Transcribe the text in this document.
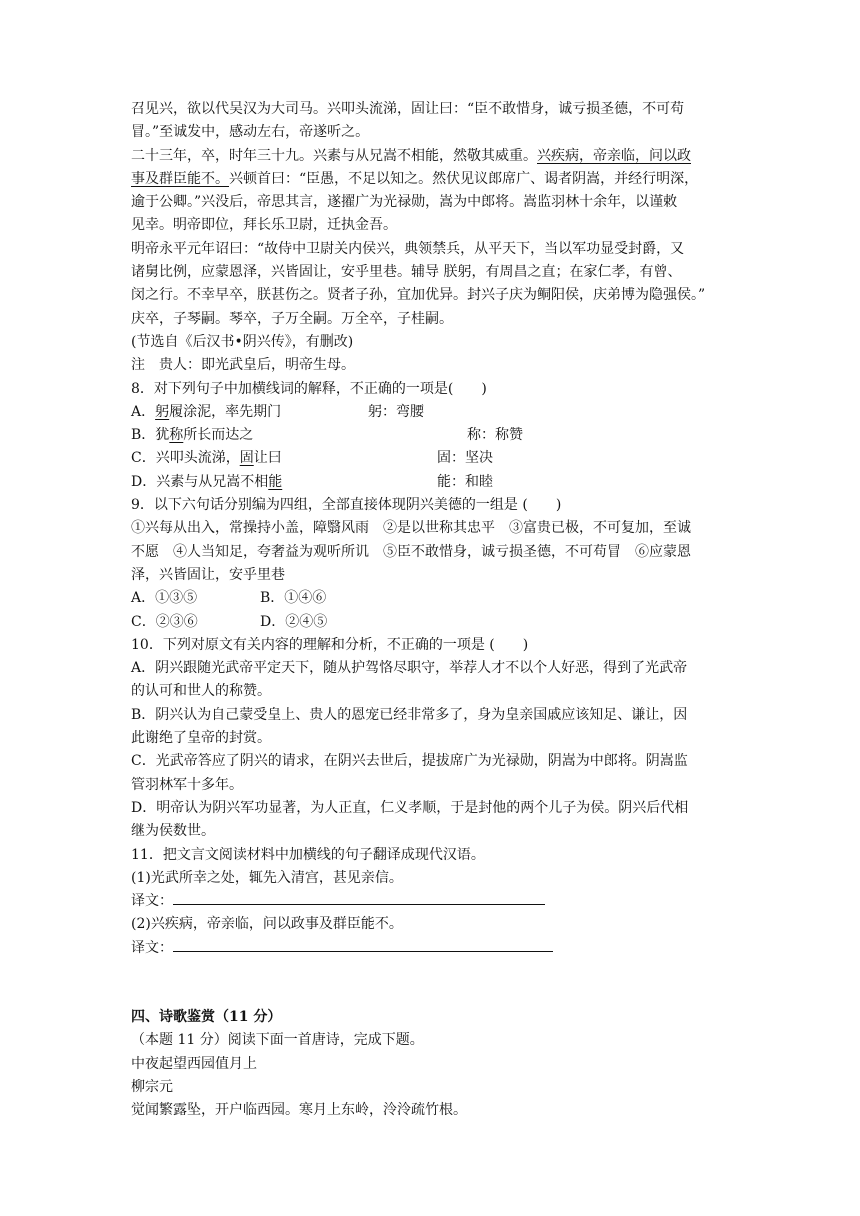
召见兴，欲以代吴汉为大司马。兴叩头流涕，固让曰：“臣不敢惜身，诚亏损圣德，不可苟
冒。”至诚发中，感动左右，帝遂听之。
二十三年，卒，时年三十九。兴素与从兄嵩不相能，然敬其威重。兴疾病，帝亲临，问以政
事及群臣能不。兴顿首曰：“臣愚，不足以知之。然伏见议郎席广、谒者阴嵩，并经行明深，
逾于公卿。”兴没后，帝思其言，遂擢广为光禄勋，嵩为中郎将。嵩监羽林十余年，以谨敕
见幸。明帝即位，拜长乐卫尉，迁执金吾。
明帝永平元年诏曰：“故侍中卫尉关内侯兴，典领禁兵，从平天下，当以军功显受封爵，又
诸舅比例，应蒙恩泽，兴皆固让，安乎里巷。辅导 朕躬，有周昌之直；在家仁孝，有曾、
闵之行。不幸早卒，朕甚伤之。贤者子孙，宜加优异。封兴子庆为鲖阳侯，庆弟博为隐强侯。”
庆卒，子琴嗣。琴卒，子万全嗣。万全卒，子桂嗣。
(节选自《后汉书•阴兴传》，有删改)
注　贵人：即光武皇后，明帝生母。
8．对下列句子中加横线词的解释，不正确的一项是(　　)
A．躬履涂泥，率先期门	躬：弯腰
B．犹称所长而达之	称：称赞
C．兴叩头流涕，固让曰	固：坚决
D．兴素与从兄嵩不相能	能：和睦
9．以下六句话分别编为四组，全部直接体现阴兴美德的一组是 (　　)
①兴每从出入，常操持小盖，障翳风雨　②是以世称其忠平　③富贵已极，不可复加，至诚
不愿　④人当知足，夸奢益为观听所讥　⑤臣不敢惜身，诚亏损圣德，不可苟冒　⑥应蒙恩
泽，兴皆固让，安乎里巷
A．①③⑤	B．①④⑥
C．②③⑥	D．②④⑤
10．下列对原文有关内容的理解和分析，不正确的一项是 (　　)
A．阴兴跟随光武帝平定天下，随从护驾恪尽职守，举荐人才不以个人好恶，得到了光武帝
的认可和世人的称赞。
B．阴兴认为自己蒙受皇上、贵人的恩宠已经非常多了，身为皇亲国戚应该知足、谦让，因
此谢绝了皇帝的封赏。
C．光武帝答应了阴兴的请求，在阴兴去世后，提拔席广为光禄勋，阴嵩为中郎将。阴嵩监
管羽林军十多年。
D．明帝认为阴兴军功显著，为人正直，仁义孝顺，于是封他的两个儿子为侯。阴兴后代相
继为侯数世。
11．把文言文阅读材料中加横线的句子翻译成现代汉语。
(1)光武所幸之处，辄先入清宫，甚见亲信。
译文：
(2)兴疾病，帝亲临，问以政事及群臣能不。
译文：
四、诗歌鉴赏（11 分）
（本题 11 分）阅读下面一首唐诗，完成下题。
中夜起望西园值月上
柳宗元
觉闻繁露坠，开户临西园。寒月上东岭，泠泠疏竹根。
